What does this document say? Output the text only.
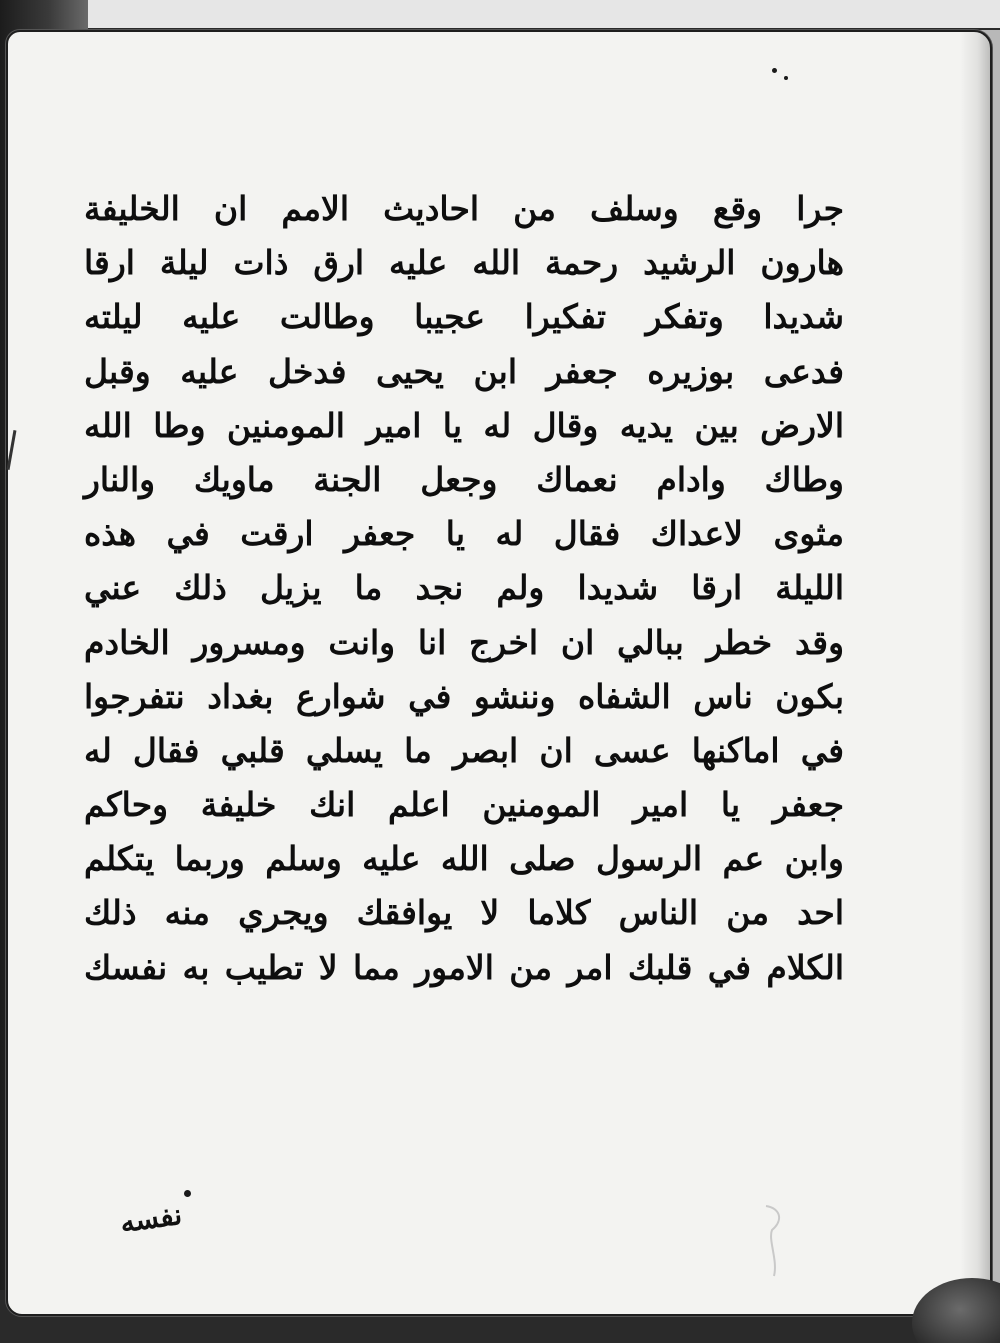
جرا وقع وسلف من احاديث الامم ان الخليفة
هارون الرشيد رحمة الله عليه ارق ذات ليلة ارقا
شديدا وتفكر تفكيرا عجيبا وطالت عليه ليلته
فدعى بوزيره جعفر ابن يحيى فدخل عليه وقبل
الارض بين يديه وقال له يا امير المومنين وطا الله
وطاك وادام نعماك وجعل الجنة ماويك والنار
مثوى لاعداك فقال له يا جعفر ارقت في هذه
الليلة ارقا شديدا ولم نجد ما يزيل ذلك عني
وقد خطر ببالي ان اخرج انا وانت ومسرور الخادم
بكون ناس الشفاه وننشو في شوارع بغداد نتفرجوا
في اماكنها عسى ان ابصر ما يسلي قلبي فقال له
جعفر يا امير المومنين اعلم انك خليفة وحاكم
وابن عم الرسول صلى الله عليه وسلم وربما يتكلم
احد من الناس كلاما لا يوافقك ويجري منه ذلك
الكلام في قلبك امر من الامور مما لا تطيب به نفسك
نفسه
